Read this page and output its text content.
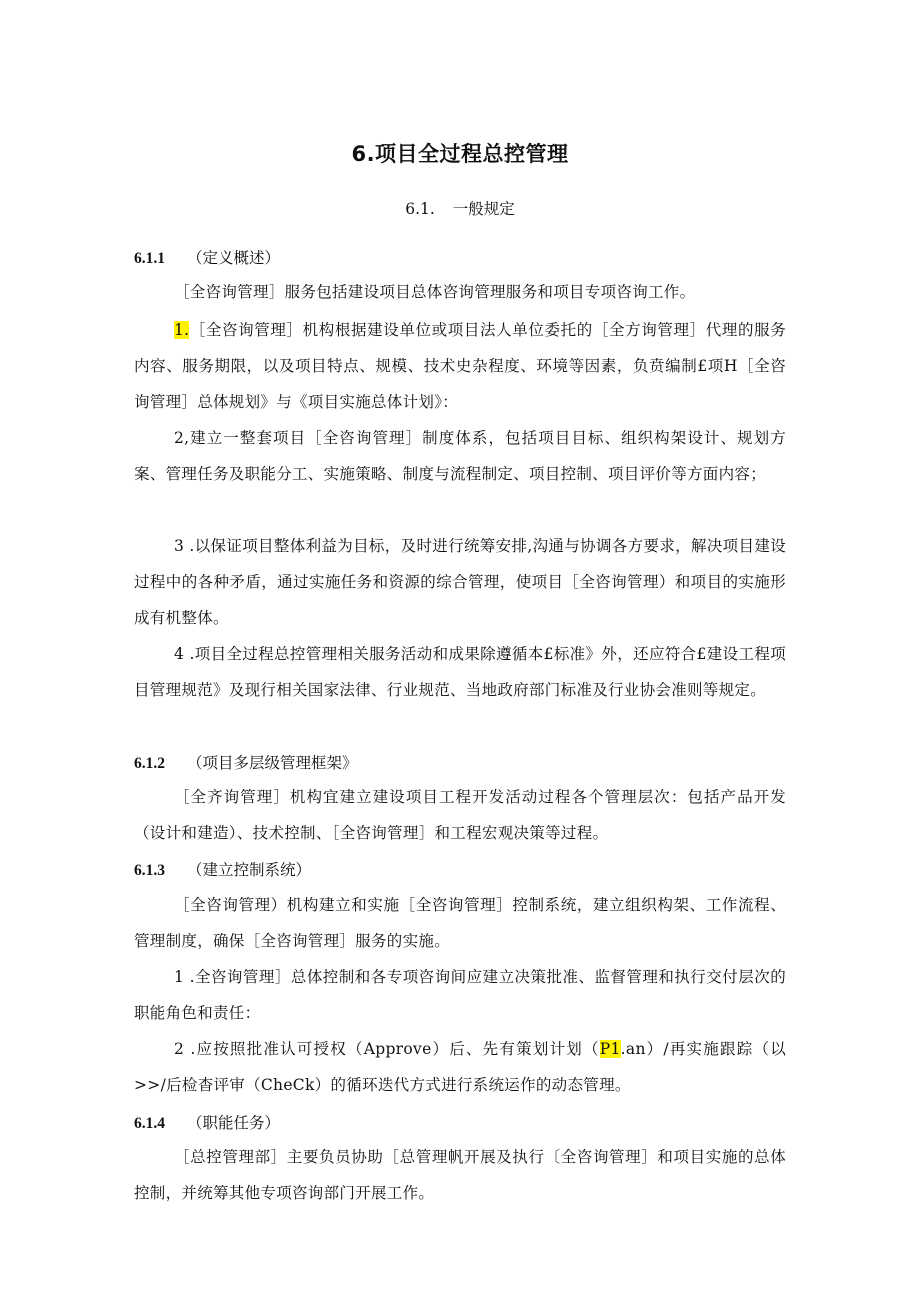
6.项目全过程总控管理
6.1. 一般规定
6.1.1 （定义概述）

［全咨询管理］服务包括建设项目总体咨询管理服务和项目专项咨询工作。

1.［全咨询管理］机构根据建设单位或项目法人单位委托的［全方询管理］代理的服务内容、服务期限，以及项目特点、规模、技术史杂程度、环境等因素，负贲编制£项H［全咨询管理］总体规划》与《项目实施总体计划》：

2,建立一整套项目［全咨询管理］制度体系，包括项目目标、组织构架设计、规划方案、管理任务及职能分工、实施策略、制度与流程制定、项目控制、项目评价等方面内容；

3 .以保证项目整体利益为目标，及时进行统筹安排,沟通与协调各方要求，解决项目建设过程中的各种矛盾，通过实施任务和资源的综合管理，使项目［全咨询管理）和项目的实施形成有机整体。

4 .项目全过程总控管理相关服务活动和成果除遵循本£标准》外，还应符合£建设工程项目管理规范》及现行相关国家法律、行业规范、当地政府部门标准及行业协会准则等规定。

6.1.2 （项目多层级管理框架》

［全齐询管理］机构宜建立建设项目工程开发活动过程各个管理层次：包括产品开发（设计和建造）、技术控制、［全咨询管理］和工程宏观决策等过程。

6.1.3 （建立控制系统）

［全咨询管理）机构建立和实施［全咨询管理］控制系统，建立组织构架、工作流程、管理制度，确保［全咨询管理］服务的实施。

1 .全咨询管理］总体控制和各专项咨询间应建立决策批准、监督管理和执行交付层次的职能角色和责任：

2 .应按照批准认可授权（Approve）后、先有策划计划（P1.an）/再实施跟踪（以>>/后检杳评审（CheCk）的循环迭代方式进行系统运作的动态管理。

6.1.4 （职能任务）

［总控管理部］主要负员协助［总管理帆开展及执行〔全咨询管理］和项目实施的总体控制，并统筹其他专项咨询部门开展工作。
